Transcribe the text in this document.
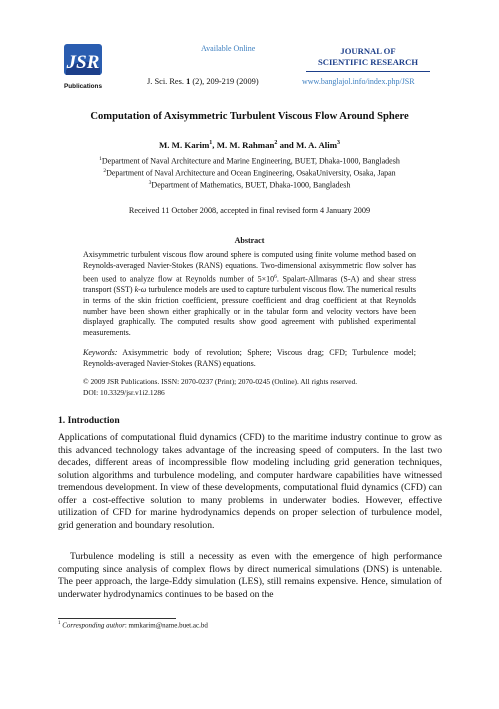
JSR
Publications
Available Online
J. Sci. Res. 1 (2), 209-219 (2009)
JOURNAL OF
SCIENTIFIC RESEARCH
www.banglajol.info/index.php/JSR
Computation of Axisymmetric Turbulent Viscous Flow Around Sphere
M. M. Karim$^1$, M. M. Rahman$^2$ and M. A. Alim$^3$
$^1$Department of Naval Architecture and Marine Engineering, BUET, Dhaka-1000, Bangladesh
$^2$Department of Naval Architecture and Ocean Engineering, OsakaUniversity, Osaka, Japan
$^3$Department of Mathematics, BUET, Dhaka-1000, Bangladesh
Received 11 October 2008, accepted in final revised form 4 January 2009
Abstract
Axisymmetric turbulent viscous flow around sphere is computed using finite volume method based on Reynolds-averaged Navier-Stokes (RANS) equations. Two-dimensional axisymmetric flow solver has been used to analyze flow at Reynolds number of $5\times 10^6$. Spalart-Allmaras (S-A) and shear stress transport (SST) k-ω turbulence models are used to capture turbulent viscous flow. The numerical results in terms of the skin friction coefficient, pressure coefficient and drag coefficient at that Reynolds number have been shown either graphically or in the tabular form and velocity vectors have been displayed graphically. The computed results show good agreement with published experimental measurements.
Keywords: Axisymmetric body of revolution; Sphere; Viscous drag; CFD; Turbulence model; Reynolds-averaged Navier-Stokes (RANS) equations.
© 2009 JSR Publications. ISSN: 2070-0237 (Print); 2070-0245 (Online). All rights reserved.
DOI: 10.3329/jsr.v1i2.1286
1. Introduction
Applications of computational fluid dynamics (CFD) to the maritime industry continue to grow as this advanced technology takes advantage of the increasing speed of computers. In the last two decades, different areas of incompressible flow modeling including grid generation techniques, solution algorithms and turbulence modeling, and computer hardware capabilities have witnessed tremendous development. In view of these developments, computational fluid dynamics (CFD) can offer a cost-effective solution to many problems in underwater bodies. However, effective utilization of CFD for marine hydrodynamics depends on proper selection of turbulence model, grid generation and boundary resolution.
Turbulence modeling is still a necessity as even with the emergence of high performance computing since analysis of complex flows by direct numerical simulations (DNS) is untenable. The peer approach, the large-Eddy simulation (LES), still remains expensive. Hence, simulation of underwater hydrodynamics continues to be based on the
$^1$ Corresponding author: mmkarim@name.buet.ac.bd
